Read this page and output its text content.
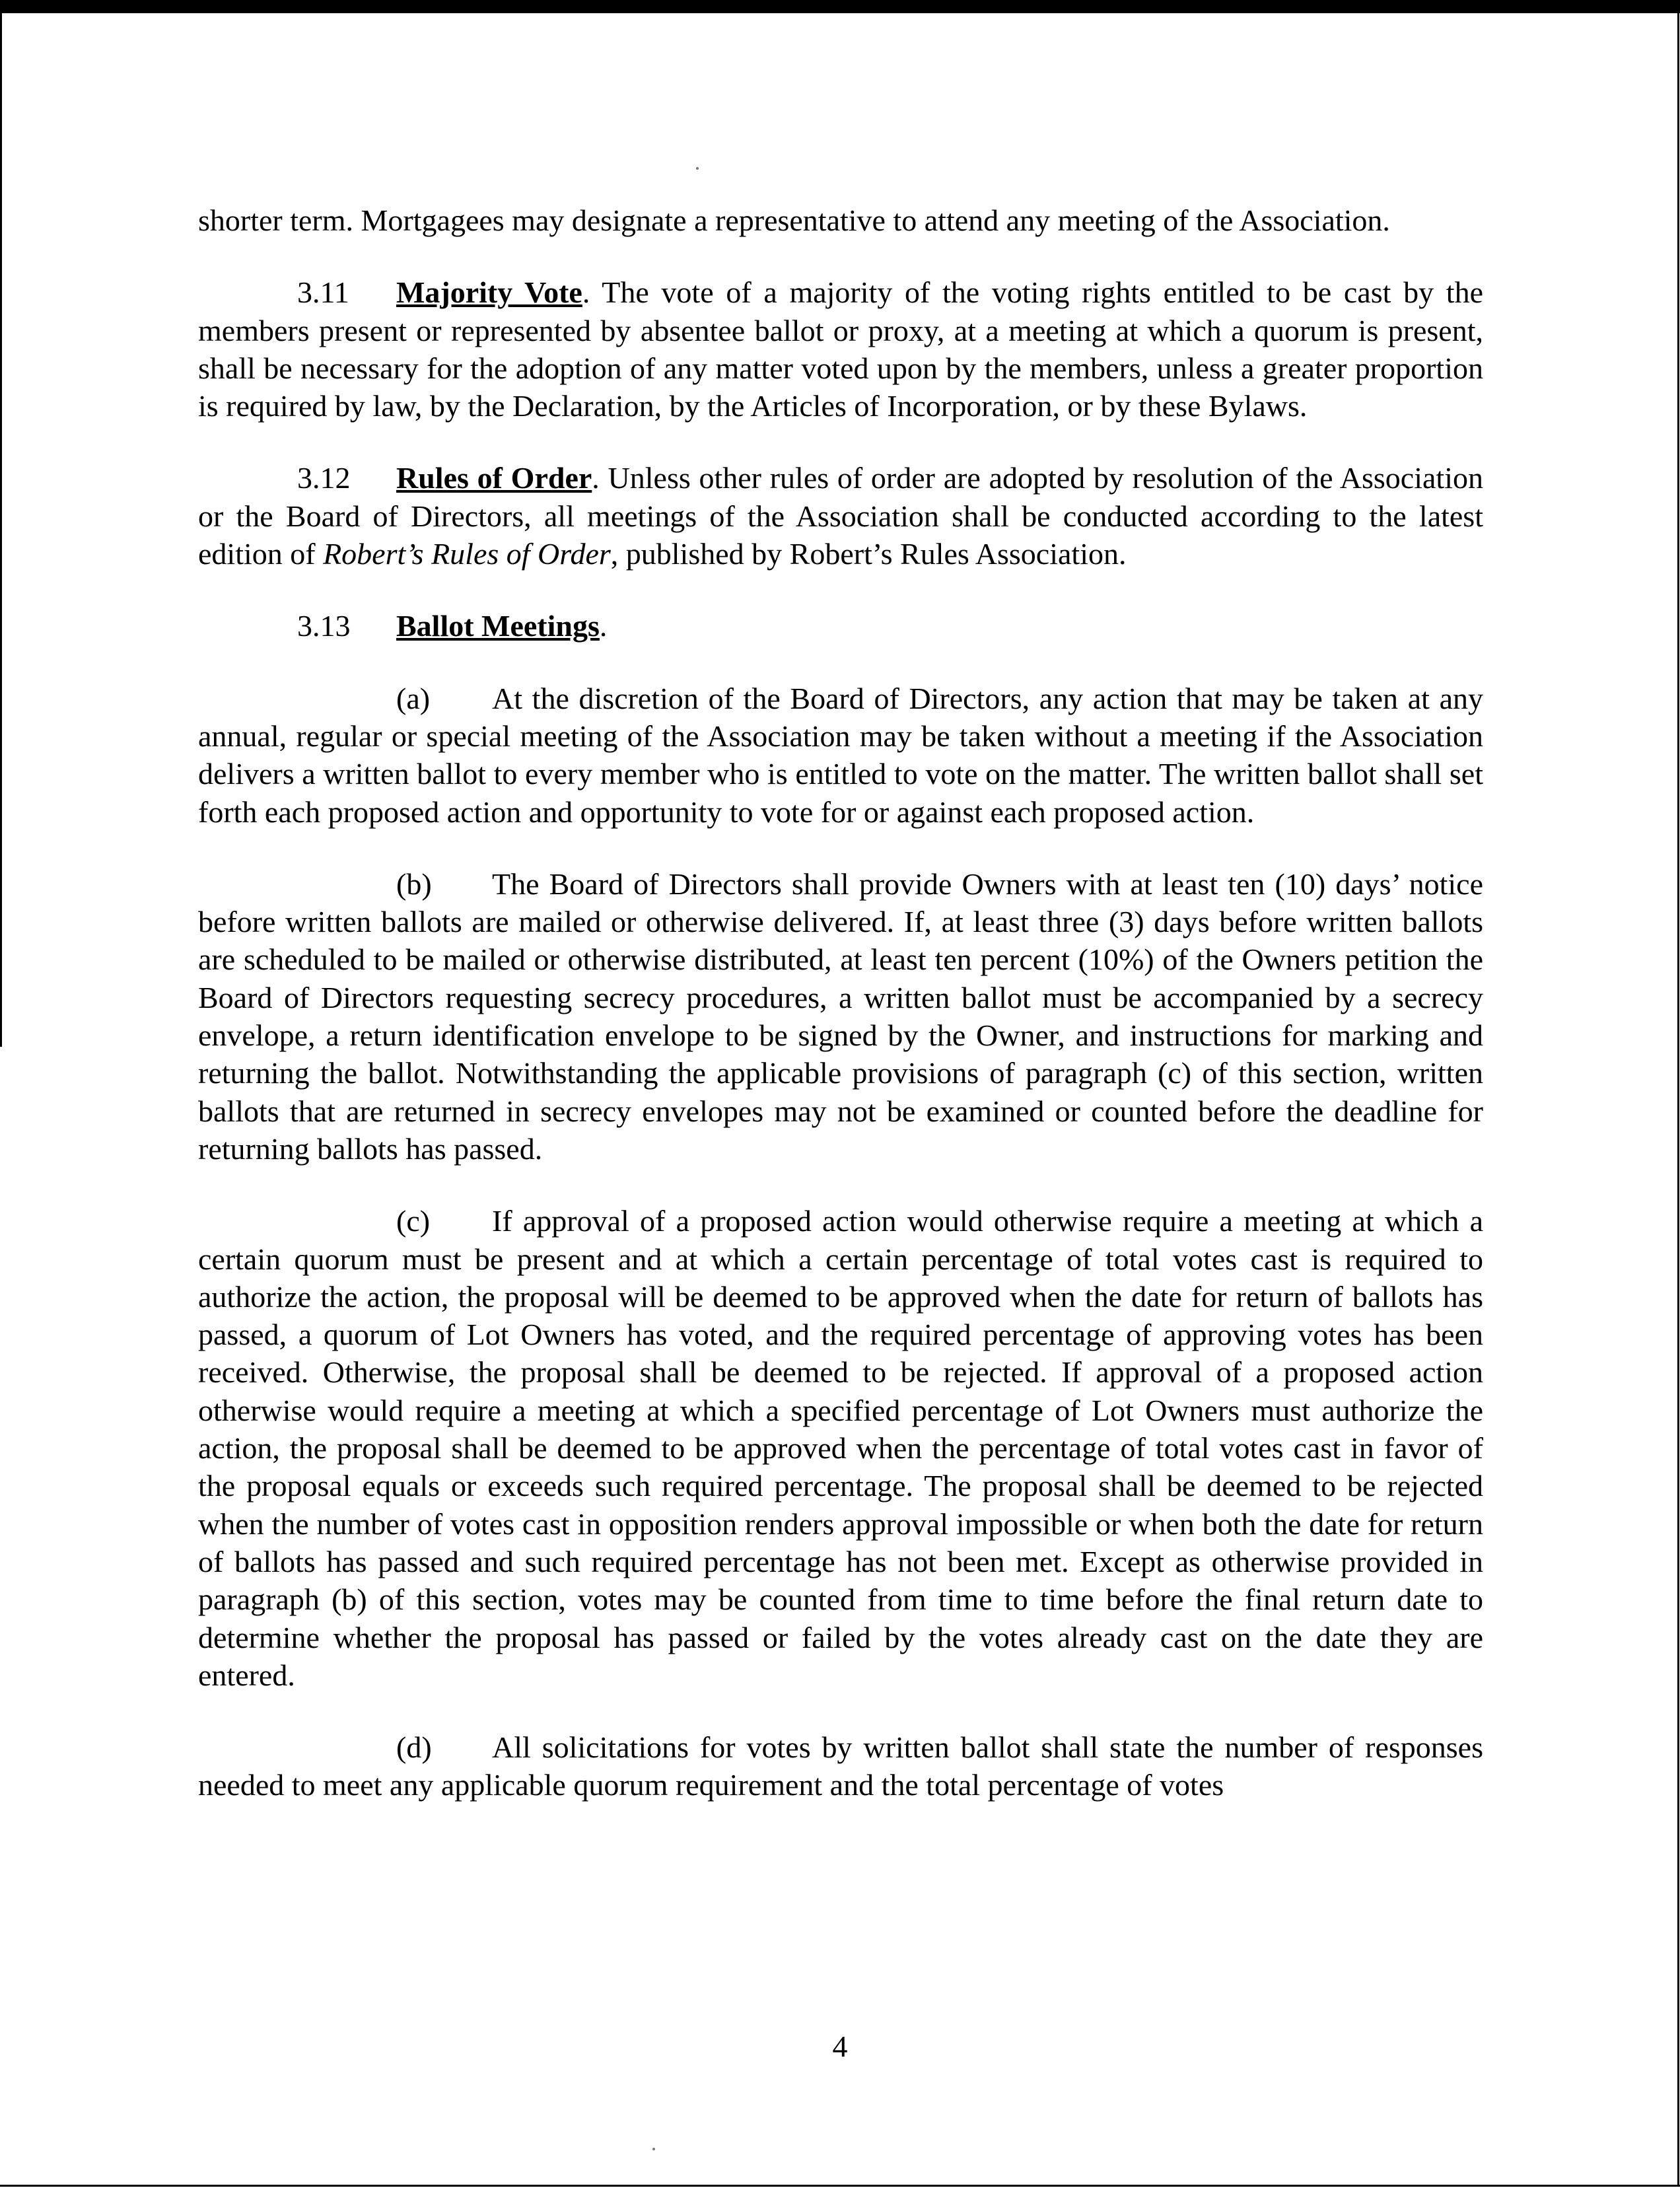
shorter term. Mortgagees may designate a representative to attend any meeting of the Association.

3.11 Majority Vote. The vote of a majority of the voting rights entitled to be cast by the members present or represented by absentee ballot or proxy, at a meeting at which a quorum is present, shall be necessary for the adoption of any matter voted upon by the members, unless a greater proportion is required by law, by the Declaration, by the Articles of Incorporation, or by these Bylaws.

3.12 Rules of Order. Unless other rules of order are adopted by resolution of the Association or the Board of Directors, all meetings of the Association shall be conducted according to the latest edition of Robert’s Rules of Order, published by Robert’s Rules Association.

3.13 Ballot Meetings.

(a) At the discretion of the Board of Directors, any action that may be taken at any annual, regular or special meeting of the Association may be taken without a meeting if the Association delivers a written ballot to every member who is entitled to vote on the matter. The written ballot shall set forth each proposed action and opportunity to vote for or against each proposed action.

(b) The Board of Directors shall provide Owners with at least ten (10) days’ notice before written ballots are mailed or otherwise delivered. If, at least three (3) days before written ballots are scheduled to be mailed or otherwise distributed, at least ten percent (10%) of the Owners petition the Board of Directors requesting secrecy procedures, a written ballot must be accompanied by a secrecy envelope, a return identification envelope to be signed by the Owner, and instructions for marking and returning the ballot. Notwithstanding the applicable provisions of paragraph (c) of this section, written ballots that are returned in secrecy envelopes may not be examined or counted before the deadline for returning ballots has passed.

(c) If approval of a proposed action would otherwise require a meeting at which a certain quorum must be present and at which a certain percentage of total votes cast is required to authorize the action, the proposal will be deemed to be approved when the date for return of ballots has passed, a quorum of Lot Owners has voted, and the required percentage of approving votes has been received. Otherwise, the proposal shall be deemed to be rejected. If approval of a proposed action otherwise would require a meeting at which a specified percentage of Lot Owners must authorize the action, the proposal shall be deemed to be approved when the percentage of total votes cast in favor of the proposal equals or exceeds such required percentage. The proposal shall be deemed to be rejected when the number of votes cast in opposition renders approval impossible or when both the date for return of ballots has passed and such required percentage has not been met. Except as otherwise provided in paragraph (b) of this section, votes may be counted from time to time before the final return date to determine whether the proposal has passed or failed by the votes already cast on the date they are entered.

(d) All solicitations for votes by written ballot shall state the number of responses needed to meet any applicable quorum requirement and the total percentage of votes

4
